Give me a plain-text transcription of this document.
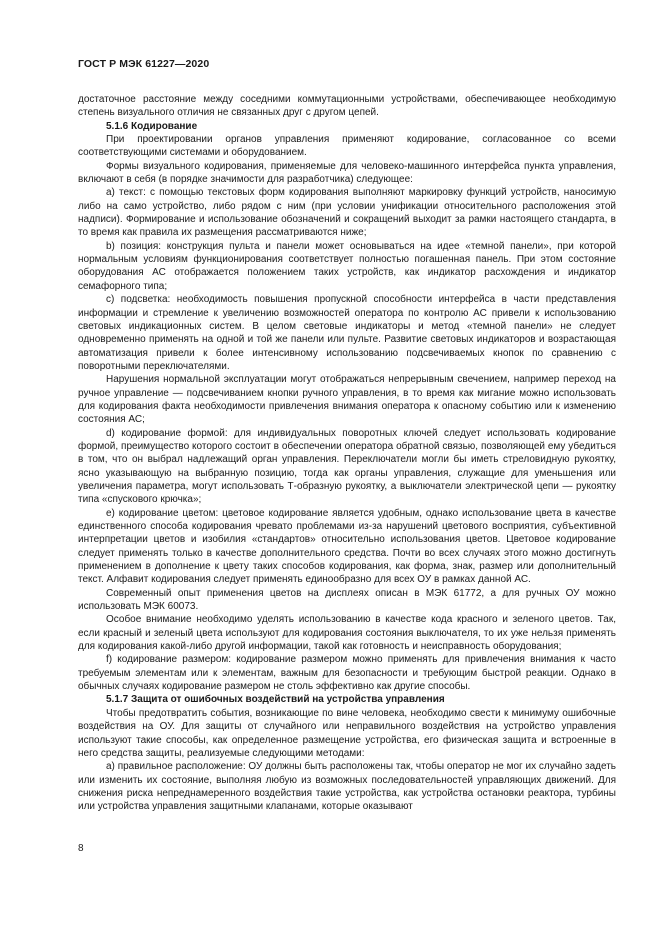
ГОСТ Р МЭК 61227—2020

достаточное расстояние между соседними коммутационными устройствами, обеспечивающее необходимую степень визуального отличия не связанных друг с другом цепей.

5.1.6 Кодирование

При проектировании органов управления применяют кодирование, согласованное со всеми соответствующими системами и оборудованием.

Формы визуального кодирования, применяемые для человеко-машинного интерфейса пункта управления, включают в себя (в порядке значимости для разработчика) следующее:

a) текст: с помощью текстовых форм кодирования выполняют маркировку функций устройств, наносимую либо на само устройство, либо рядом с ним (при условии унификации относительного расположения этой надписи). Формирование и использование обозначений и сокращений выходит за рамки настоящего стандарта, в то время как правила их размещения рассматриваются ниже;

b) позиция: конструкция пульта и панели может основываться на идее «темной панели», при которой нормальным условиям функционирования соответствует полностью погашенная панель. При этом состояние оборудования АС отображается положением таких устройств, как индикатор расхождения и индикатор семафорного типа;

c) подсветка: необходимость повышения пропускной способности интерфейса в части представления информации и стремление к увеличению возможностей оператора по контролю АС привели к использованию световых индикационных систем. В целом световые индикаторы и метод «темной панели» не следует одновременно применять на одной и той же панели или пульте. Развитие световых индикаторов и возрастающая автоматизация привели к более интенсивному использованию подсвечиваемых кнопок по сравнению с поворотными переключателями.

Нарушения нормальной эксплуатации могут отображаться непрерывным свечением, например переход на ручное управление — подсвечиванием кнопки ручного управления, в то время как мигание можно использовать для кодирования факта необходимости привлечения внимания оператора к опасному событию или к изменению состояния АС;

d) кодирование формой: для индивидуальных поворотных ключей следует использовать кодирование формой, преимущество которого состоит в обеспечении оператора обратной связью, позволяющей ему убедиться в том, что он выбрал надлежащий орган управления. Переключатели могли бы иметь стреловидную рукоятку, ясно указывающую на выбранную позицию, тогда как органы управления, служащие для уменьшения или увеличения параметра, могут использовать Т-образную рукоятку, а выключатели электрической цепи — рукоятку типа «спускового крючка»;

e) кодирование цветом: цветовое кодирование является удобным, однако использование цвета в качестве единственного способа кодирования чревато проблемами из-за нарушений цветового восприятия, субъективной интерпретации цветов и изобилия «стандартов» относительно использования цветов. Цветовое кодирование следует применять только в качестве дополнительного средства. Почти во всех случаях этого можно достигнуть применением в дополнение к цвету таких способов кодирования, как форма, знак, размер или дополнительный текст. Алфавит кодирования следует применять единообразно для всех ОУ в рамках данной АС.

Современный опыт применения цветов на дисплеях описан в МЭК 61772, а для ручных ОУ можно использовать МЭК 60073.

Особое внимание необходимо уделять использованию в качестве кода красного и зеленого цветов. Так, если красный и зеленый цвета используют для кодирования состояния выключателя, то их уже нельзя применять для кодирования какой-либо другой информации, такой как готовность и неисправность оборудования;

f) кодирование размером: кодирование размером можно применять для привлечения внимания к часто требуемым элементам или к элементам, важным для безопасности и требующим быстрой реакции. Однако в обычных случаях кодирование размером не столь эффективно как другие способы.

5.1.7 Защита от ошибочных воздействий на устройства управления

Чтобы предотвратить события, возникающие по вине человека, необходимо свести к минимуму ошибочные воздействия на ОУ. Для защиты от случайного или неправильного воздействия на устройство управления используют такие способы, как определенное размещение устройства, его физическая защита и встроенные в него средства защиты, реализуемые следующими методами:

a) правильное расположение: ОУ должны быть расположены так, чтобы оператор не мог их случайно задеть или изменить их состояние, выполняя любую из возможных последовательностей управляющих движений. Для снижения риска непреднамеренного воздействия такие устройства, как устройства остановки реактора, турбины или устройства управления защитными клапанами, которые оказывают

8
